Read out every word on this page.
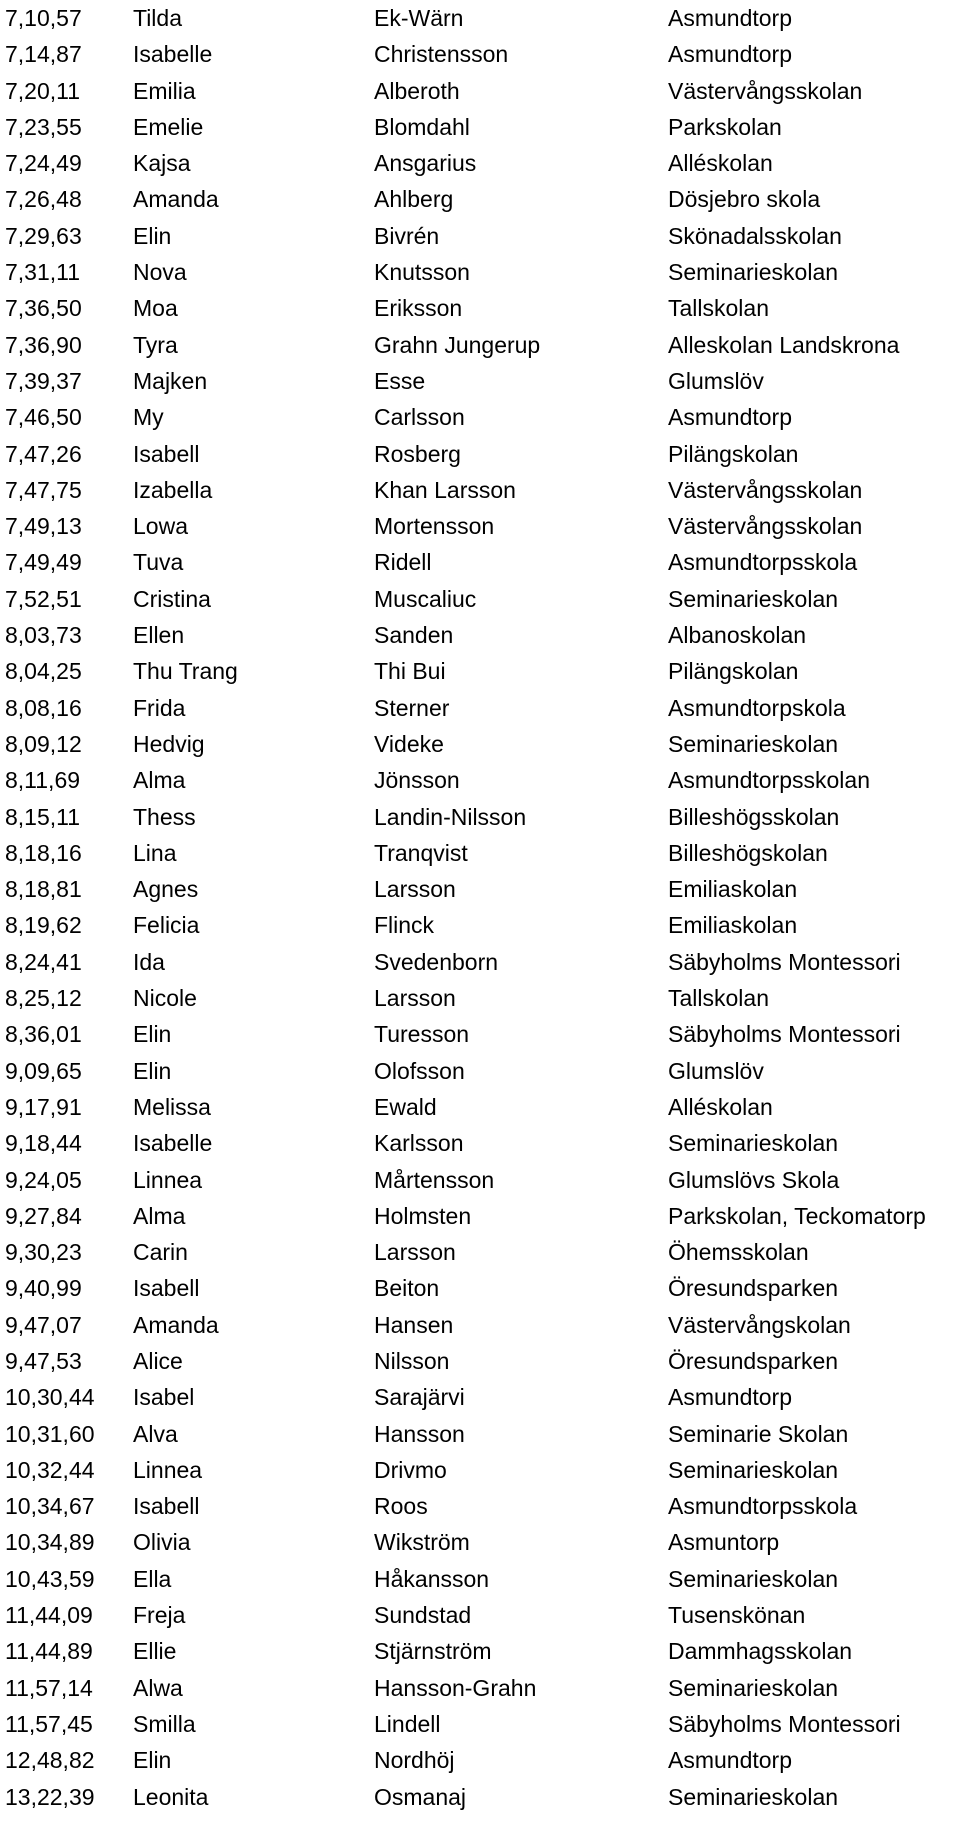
7,10,57 Tilda	Ek-Wärn	Asmundtorp
7,14,87 Isabelle	Christensson	Asmundtorp
7,20,11 Emilia	Alberoth	Västervångsskolan
7,23,55 Emelie	Blomdahl	Parkskolan
7,24,49 Kajsa	Ansgarius	Alléskolan
7,26,48 Amanda	Ahlberg	Dösjebro skola
7,29,63 Elin	Bivrén	Skönadalsskolan
7,31,11 Nova	Knutsson	Seminarieskolan
7,36,50 Moa	Eriksson	Tallskolan
7,36,90 Tyra	Grahn Jungerup	Alleskolan Landskrona
7,39,37 Majken	Esse	Glumslöv
7,46,50 My	Carlsson	Asmundtorp
7,47,26 Isabell	Rosberg	Pilängskolan
7,47,75 Izabella	Khan Larsson	Västervångsskolan
7,49,13 Lowa	Mortensson	Västervångsskolan
7,49,49 Tuva	Ridell	Asmundtorpsskola
7,52,51 Cristina	Muscaliuc	Seminarieskolan
8,03,73 Ellen	Sanden	Albanoskolan
8,04,25 Thu Trang	Thi Bui	Pilängskolan
8,08,16 Frida	Sterner	Asmundtorpskola
8,09,12 Hedvig	Videke	Seminarieskolan
8,11,69 Alma	Jönsson	Asmundtorpsskolan
8,15,11 Thess	Landin-Nilsson	Billeshögsskolan
8,18,16 Lina	Tranqvist	Billeshögskolan
8,18,81 Agnes	Larsson	Emiliaskolan
8,19,62 Felicia	Flinck	Emiliaskolan
8,24,41 Ida	Svedenborn	Säbyholms Montessori
8,25,12 Nicole	Larsson	Tallskolan
8,36,01 Elin	Turesson	Säbyholms Montessori
9,09,65 Elin	Olofsson	Glumslöv
9,17,91 Melissa	Ewald	Alléskolan
9,18,44 Isabelle	Karlsson	Seminarieskolan
9,24,05 Linnea	Mårtensson	Glumslövs Skola
9,27,84 Alma	Holmsten	Parkskolan, Teckomatorp
9,30,23 Carin	Larsson	Öhemsskolan
9,40,99 Isabell	Beiton	Öresundsparken
9,47,07 Amanda	Hansen	Västervångskolan
9,47,53 Alice	Nilsson	Öresundsparken
10,30,44 Isabel	Sarajärvi	Asmundtorp
10,31,60 Alva	Hansson	Seminarie Skolan
10,32,44 Linnea	Drivmo	Seminarieskolan
10,34,67 Isabell	Roos	Asmundtorpsskola
10,34,89 Olivia	Wikström	Asmuntorp
10,43,59 Ella	Håkansson	Seminarieskolan
11,44,09 Freja	Sundstad	Tusenskönan
11,44,89 Ellie	Stjärnström	Dammhagsskolan
11,57,14 Alwa	Hansson-Grahn	Seminarieskolan
11,57,45 Smilla	Lindell	Säbyholms Montessori
12,48,82 Elin	Nordhöj	Asmundtorp
13,22,39 Leonita	Osmanaj	Seminarieskolan
